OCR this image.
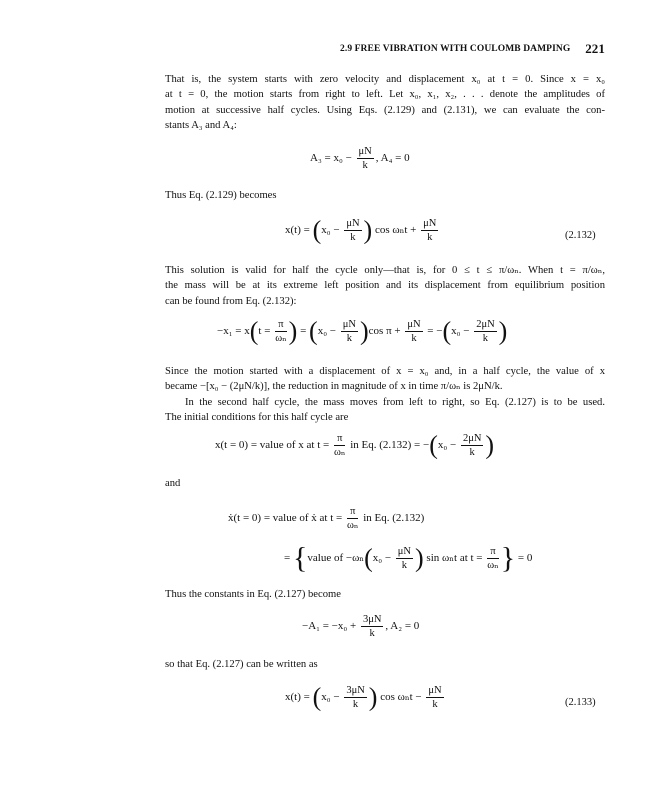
2.9 FREE VIBRATION WITH COULOMB DAMPING 221
That is, the system starts with zero velocity and displacement x₀ at t = 0. Since x = x₀
at t = 0, the motion starts from right to left. Let x₀, x₁, x₂, . . . denote the amplitudes of
motion at successive half cycles. Using Eqs. (2.129) and (2.131), we can evaluate the con-
stants A₃ and A₄:
$A_3 = x_0 - \frac{\mu N}{k}$ , A₄ = 0
Thus Eq. (2.129) becomes
$x(t) = (x_0 - \frac{\mu N}{k}$ ) $\cos \omega_nt + \frac{\mu N}{k}$	(2.132)
This solution is valid for half the cycle only—that is, for 0 ≤ t ≤ π/ωₙ. When t = π/ωₙ,
the mass will be at its extreme left position and its displacement from equilibrium position
can be found from Eq. (2.132):
$-x_1 = x(t = \frac{\pi}{\text{ωₙ}}$ ) = $(x_0 - \frac{\mu N}{k} )\cos$ $\pi + \frac{\mu N}{k} = -(x_0 - \frac{2\mu N}{k}$ )
Since the motion started with a displacement of x = x₀ and, in a half cycle, the value of x
became −[x₀ − (2μN/k)], the reduction in magnitude of x in time π/ωₙ is 2μN/k.
In the second half cycle, the mass moves from left to right, so Eq. (2.127) is to be used.
The initial conditions for this half cycle are
x(t = 0) = value of x at $t = \frac{\pi}{\text{ωₙ}}$ in Eq. $(2.132) = -(x_0 - \frac{2\mu N}{k}$ )
and
ẋ(t = 0) = value of ẋ at $t = \frac{\pi}{\text{ωₙ}}$ in Eq. (2.132)
= {value of $-\omega_n(x_0 - \frac{\mu N}{k}$ ) sin ωₙt at $t = \frac{\pi}{\text{ωₙ}}$ } = 0
Thus the constants in Eq. (2.127) become
$-A_1 = -x_0 + \frac{3\mu N}{k}$ , A₂ = 0
so that Eq. (2.127) can be written as
$x(t) = (x_0 - \frac{3\mu N}{k}$ ) $\cos \omega_nt - \frac{\mu N}{k}$	(2.133)
